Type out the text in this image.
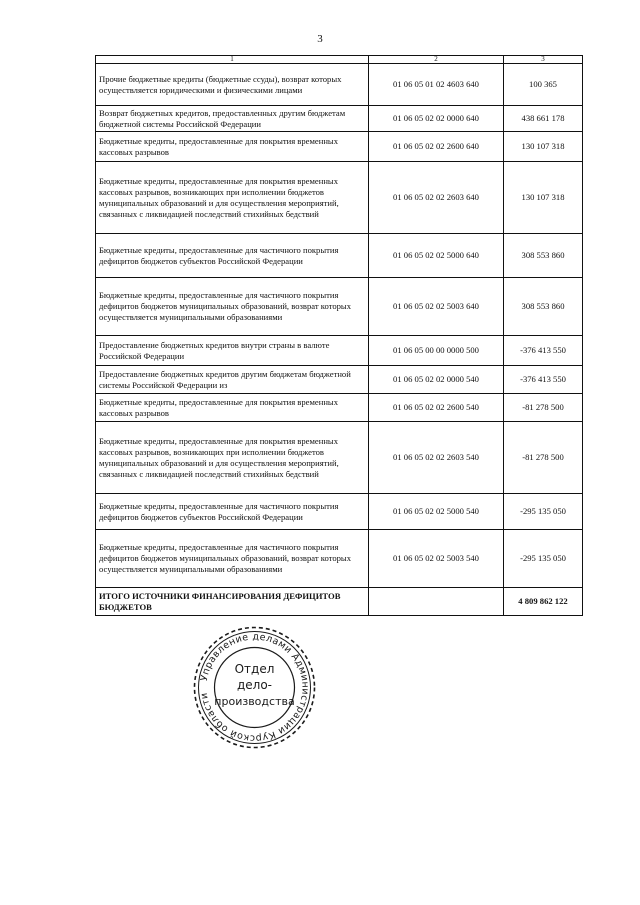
3
1	2	3
Прочие бюджетные кредиты (бюджетные ссуды), возврат которых осуществляется юридическими и физическими лицами	01 06 05 01 02 4603 640	100 365
Возврат бюджетных кредитов, предоставленных другим бюджетам бюджетной системы Российской Федерации	01 06 05 02 02 0000 640	438 661 178
Бюджетные кредиты, предоставленные для покрытия временных кассовых разрывов	01 06 05 02 02 2600 640	130 107 318
Бюджетные кредиты, предоставленные для покрытия временных кассовых разрывов, возникающих при исполнении бюджетов муниципальных образований и для осуществления мероприятий, связанных с ликвидацией последствий стихийных бедствий	01 06 05 02 02 2603 640	130 107 318
Бюджетные кредиты, предоставленные для частичного покрытия дефицитов бюджетов субъектов Российской Федерации	01 06 05 02 02 5000 640	308 553 860
Бюджетные кредиты, предоставленные для частичного покрытия дефицитов бюджетов муниципальных образований, возврат которых осуществляется муниципальными образованиями	01 06 05 02 02 5003 640	308 553 860
Предоставление бюджетных кредитов внутри страны в валюте Российской Федерации	01 06 05 00 00 0000 500	-376 413 550
Предоставление бюджетных кредитов другим бюджетам бюджетной системы Российской Федерации из	01 06 05 02 02 0000 540	-376 413 550
Бюджетные кредиты, предоставленные для покрытия временных кассовых разрывов	01 06 05 02 02 2600 540	-81 278 500
Бюджетные кредиты, предоставленные для покрытия временных кассовых разрывов, возникающих при исполнении бюджетов муниципальных образований и для осуществления мероприятий, связанных с ликвидацией последствий стихийных бедствий	01 06 05 02 02 2603 540	-81 278 500
Бюджетные кредиты, предоставленные для частичного покрытия дефицитов бюджетов субъектов Российской Федерации	01 06 05 02 02 5000 540	-295 135 050
Бюджетные кредиты, предоставленные для частичного покрытия дефицитов бюджетов муниципальных образований, возврат которых осуществляется муниципальными образованиями	01 06 05 02 02 5003 540	-295 135 050
ИТОГО ИСТОЧНИКИ ФИНАНСИРОВАНИЯ ДЕФИЦИТОВ БЮДЖЕТОВ		4 809 862 122
Управление делами Администрации Курской области
Отдел
дело-
производства
